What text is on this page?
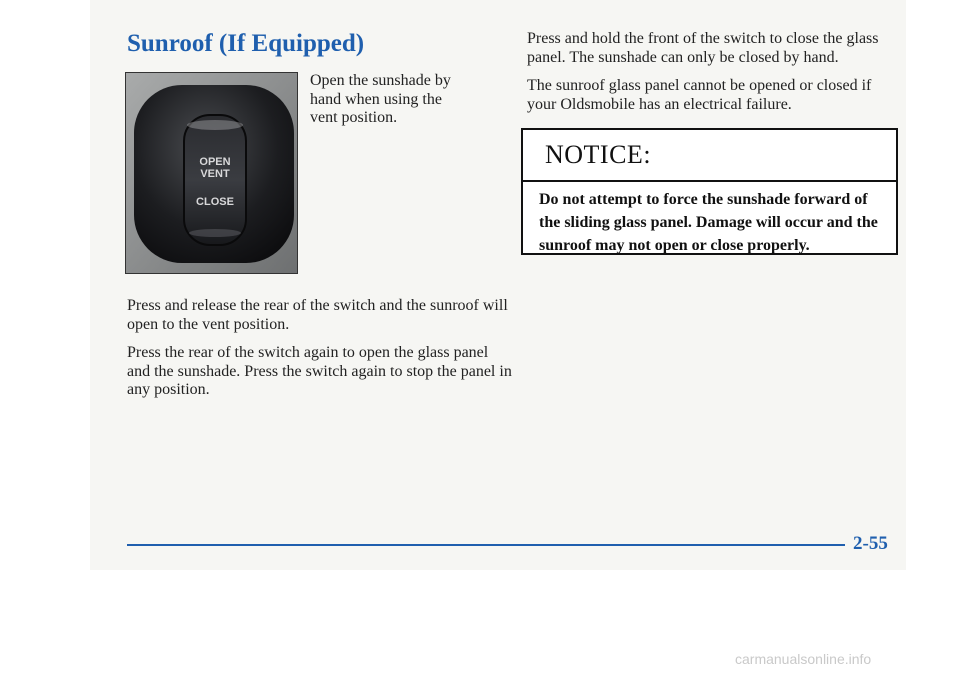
Sunroof (If Equipped)
OPEN
VENT
CLOSE

Open the sunshade by hand when using the vent position.

Press and release the rear of the switch and the sunroof will open to the vent position.

Press the rear of the switch again to open the glass panel and the sunshade. Press the switch again to stop the panel in any position.

Press and hold the front of the switch to close the glass panel. The sunshade can only be closed by hand.

The sunroof glass panel cannot be opened or closed if your Oldsmobile has an electrical failure.

NOTICE:

Do not attempt to force the sunshade forward of the sliding glass panel. Damage will occur and the sunroof may not open or close properly.

2-55

carmanualsonline.info
